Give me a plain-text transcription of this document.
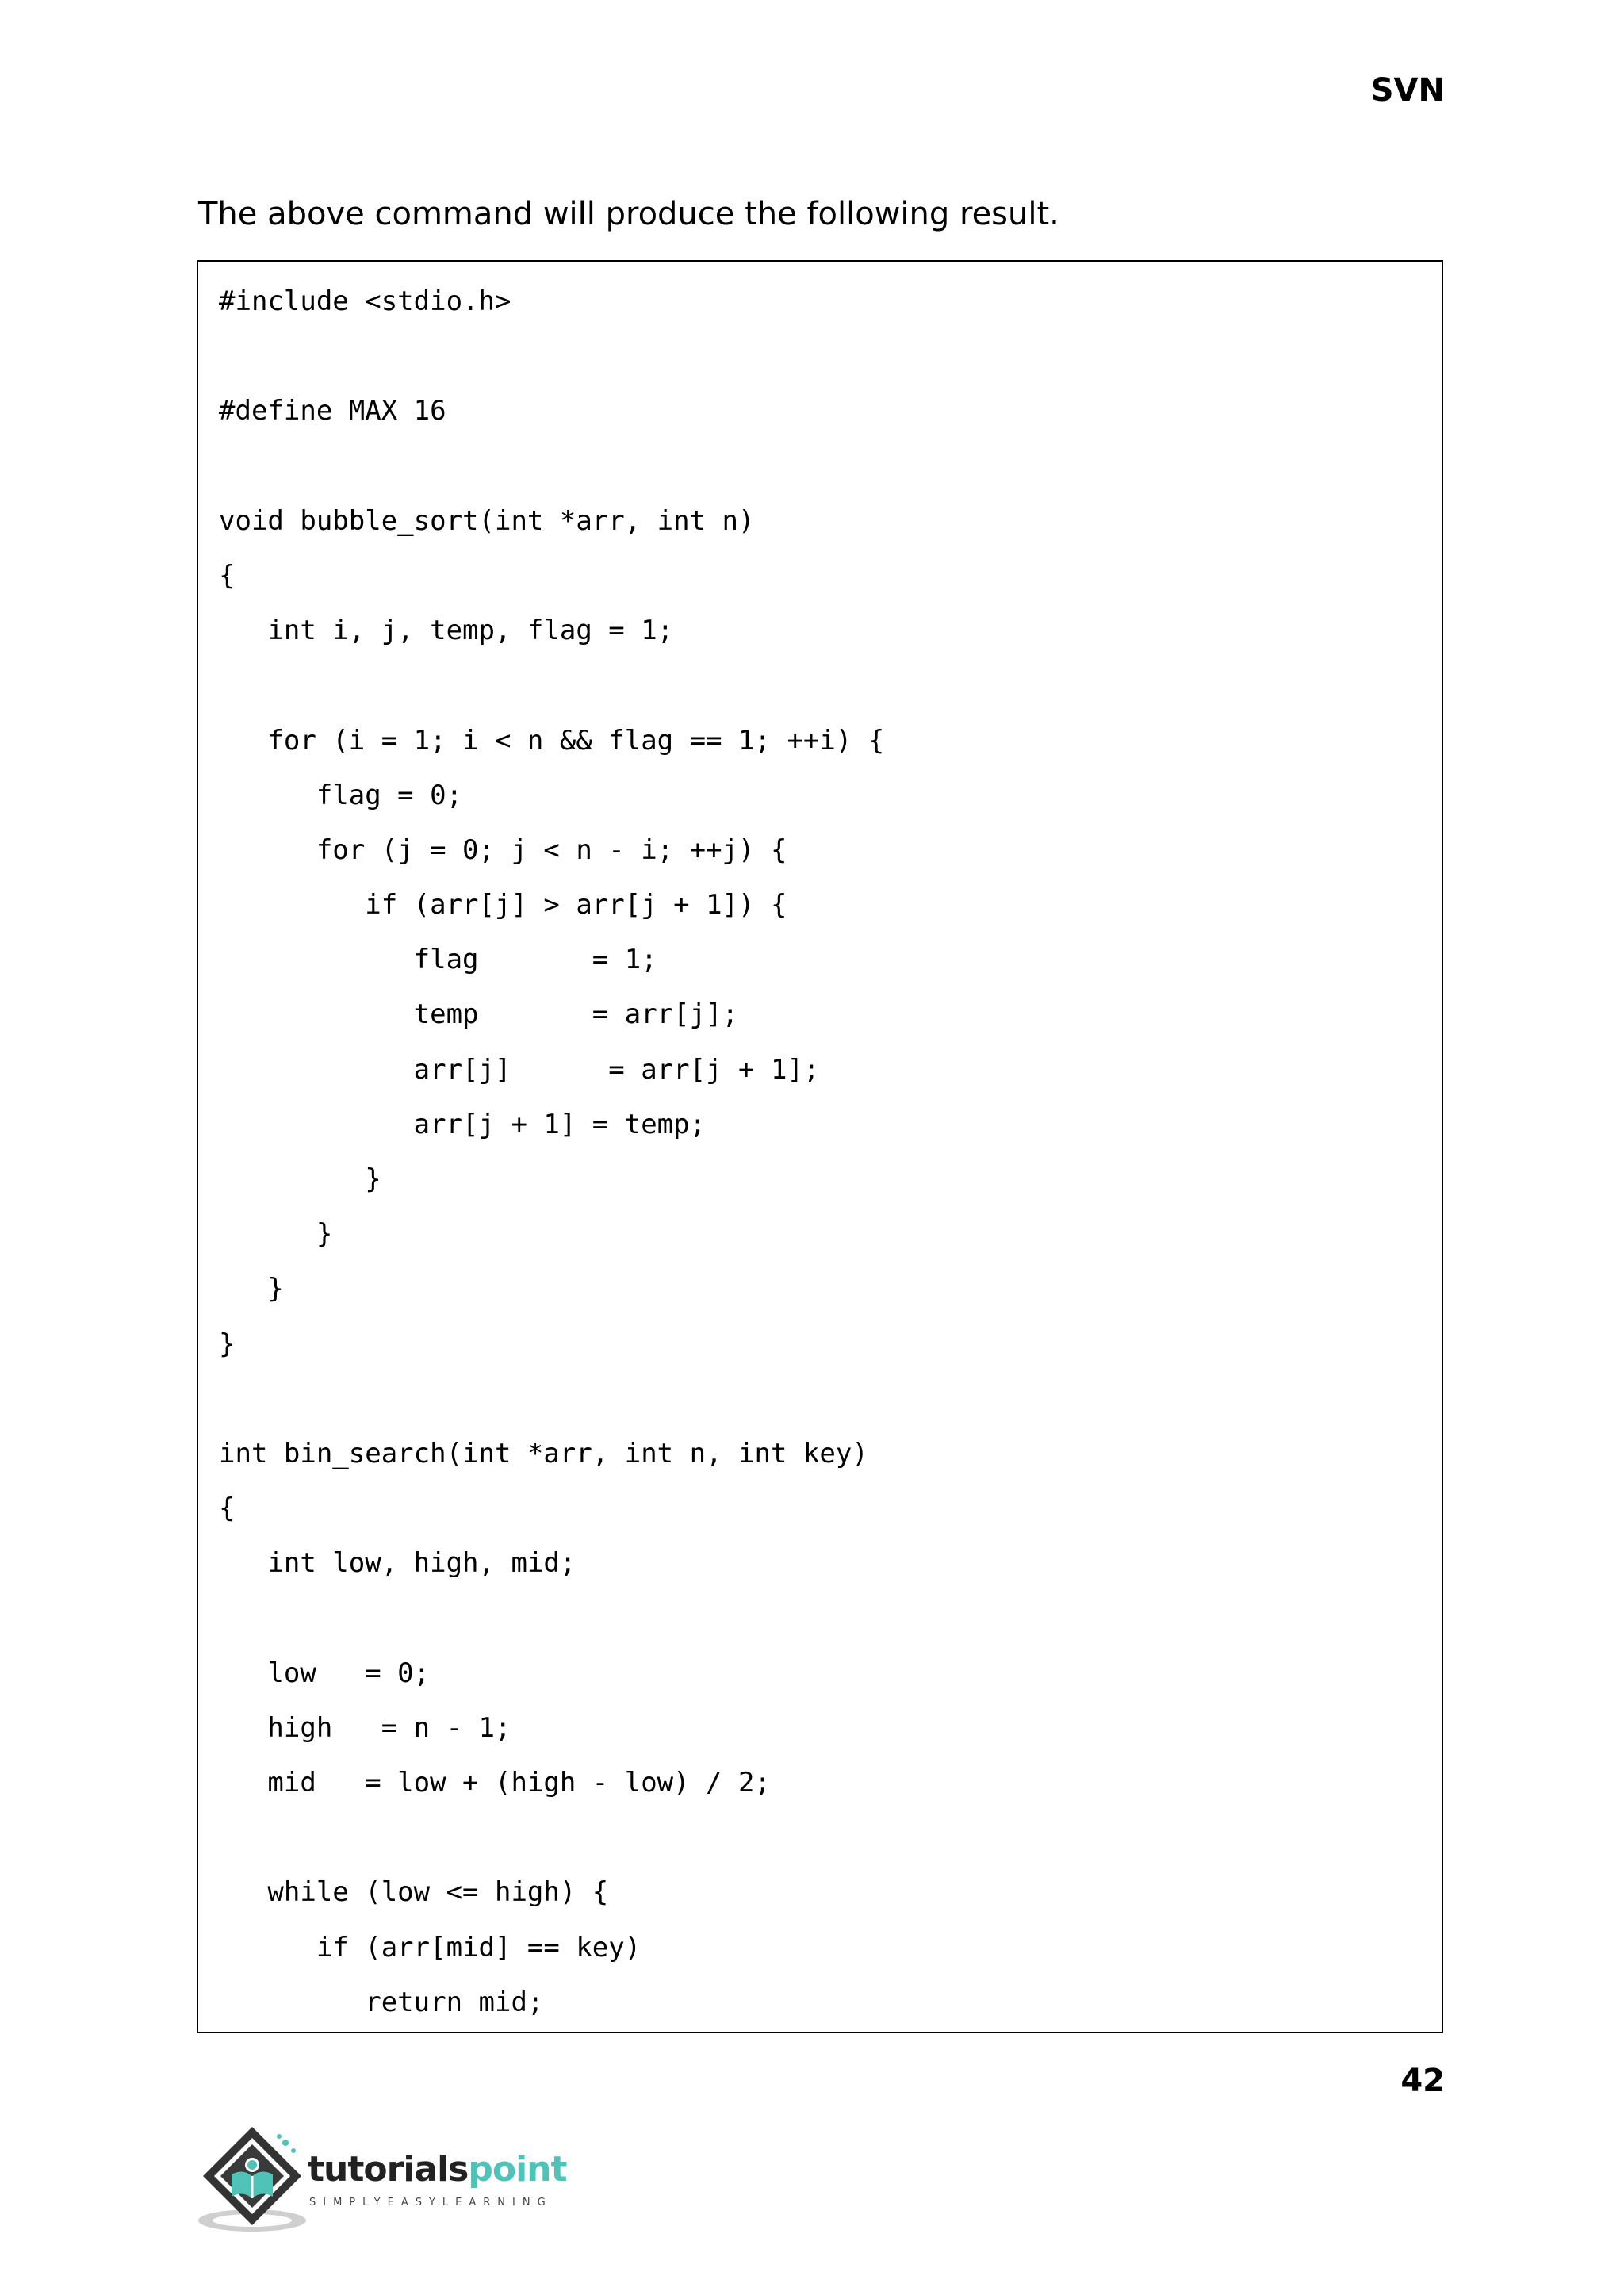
SVN
The above command will produce the following result.
#include <stdio.h>
#define MAX 16
void bubble_sort(int *arr, int n)
{
int i, j, temp, flag = 1;
for (i = 1; i < n && flag == 1; ++i) {
flag = 0;
for (j = 0; j < n - i; ++j) {
if (arr[j] > arr[j + 1]) {
flag       = 1;
temp       = arr[j];
arr[j]      = arr[j + 1];
arr[j + 1] = temp;
}
}
}
}
int bin_search(int *arr, int n, int key)
{
int low, high, mid;
low   = 0;
high   = n - 1;
mid   = low + (high - low) / 2;
while (low <= high) {
if (arr[mid] == key)
return mid;
42
tutorialspoint
SIMPLYEASYLEARNING
